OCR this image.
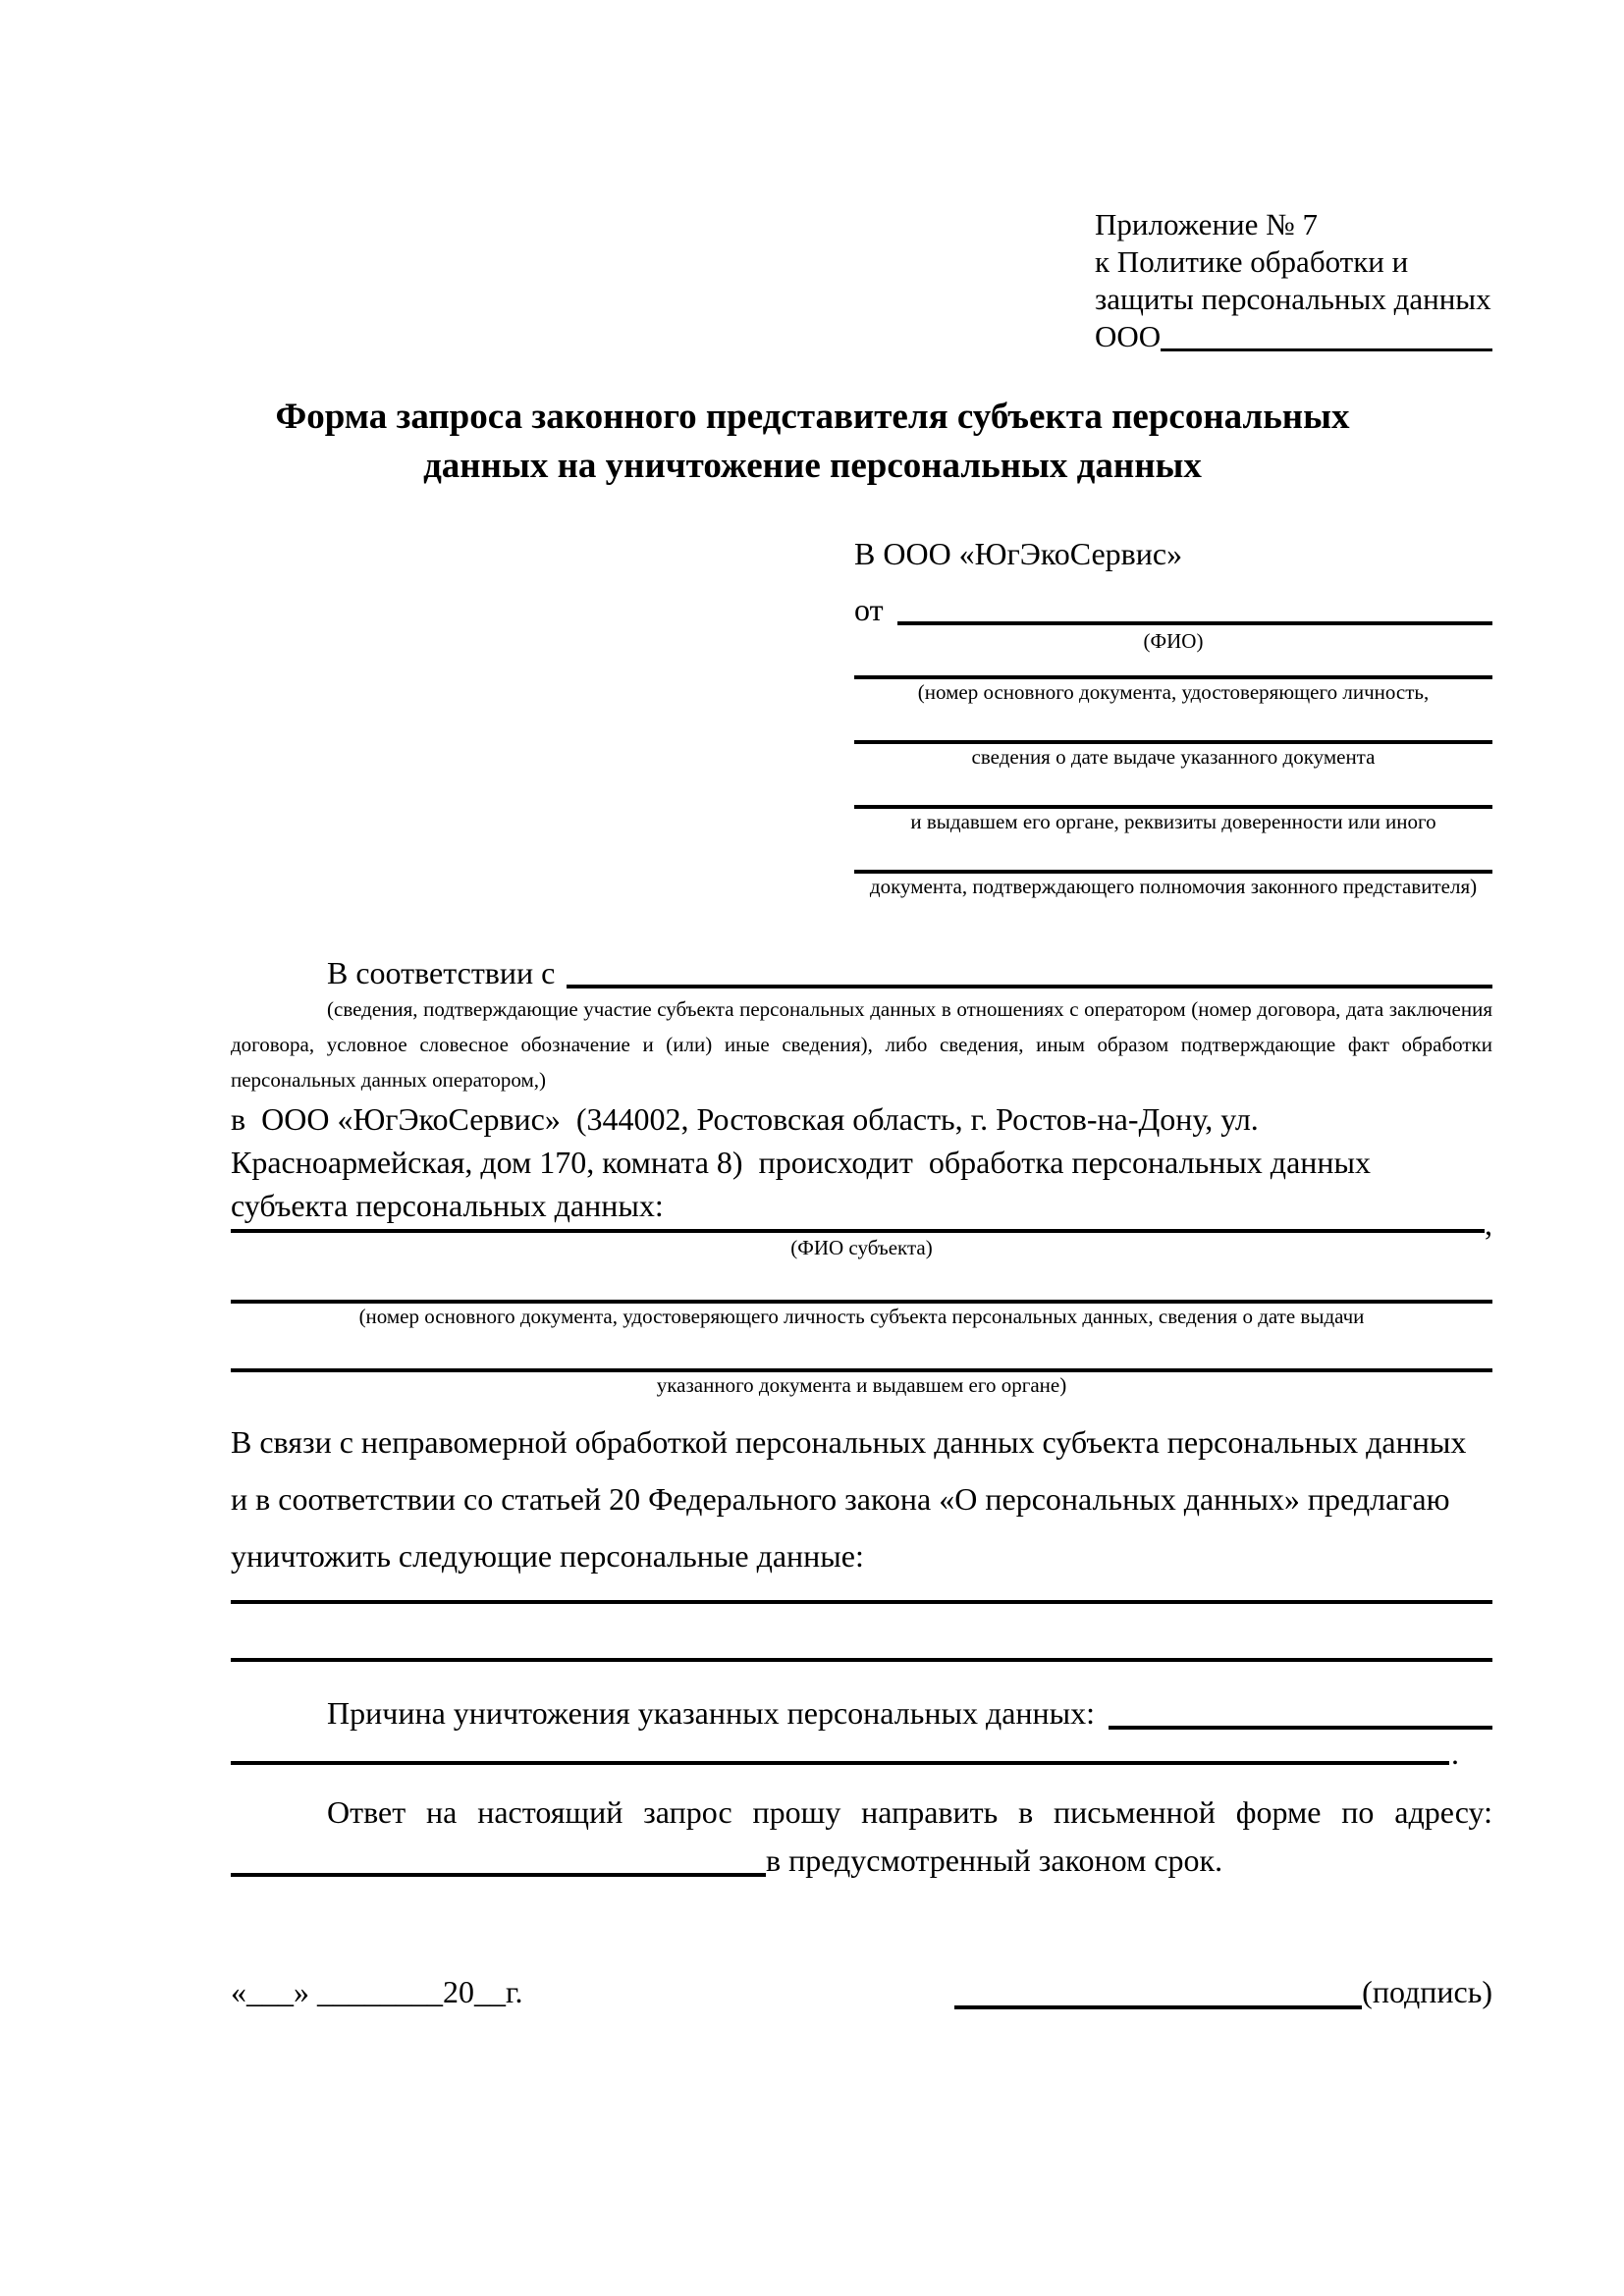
Приложение № 7
к Политике обработки и
защиты персональных данных
ООО
Форма запроса законного представителя субъекта персональных
данных на уничтожение персональных данных
В ООО «ЮгЭкоСервис»
от
(ФИО)
(номер основного документа, удостоверяющего личность,
сведения о дате выдаче указанного документа
и выдавшем его органе, реквизиты доверенности или иного
документа, подтверждающего полномочия законного представителя)
В соответствии с
(сведения, подтверждающие участие субъекта персональных данных в отношениях с оператором (номер договора, дата заключения договора, условное словесное обозначение и (или) иные сведения), либо сведения, иным образом подтверждающие факт обработки персональных данных оператором,)
в  ООО «ЮгЭкоСервис»  (344002, Ростовская область, г. Ростов-на-Дону, ул.
Красноармейская, дом 170, комната 8)  происходит  обработка персональных данных
субъекта персональных данных:
,
(ФИО субъекта)
(номер основного документа, удостоверяющего личность субъекта персональных данных, сведения о дате выдачи
указанного документа и выдавшем его органе)
В связи с неправомерной обработкой персональных данных субъекта персональных данных
и в соответствии со статьей 20 Федерального закона «О персональных данных» предлагаю
уничтожить следующие персональные данные:
Причина уничтожения указанных персональных данных:
.
Ответ на настоящий запрос прошу направить в письменной форме по адресу:
в предусмотренный законом срок.
«___» ________20__г.	(подпись)
